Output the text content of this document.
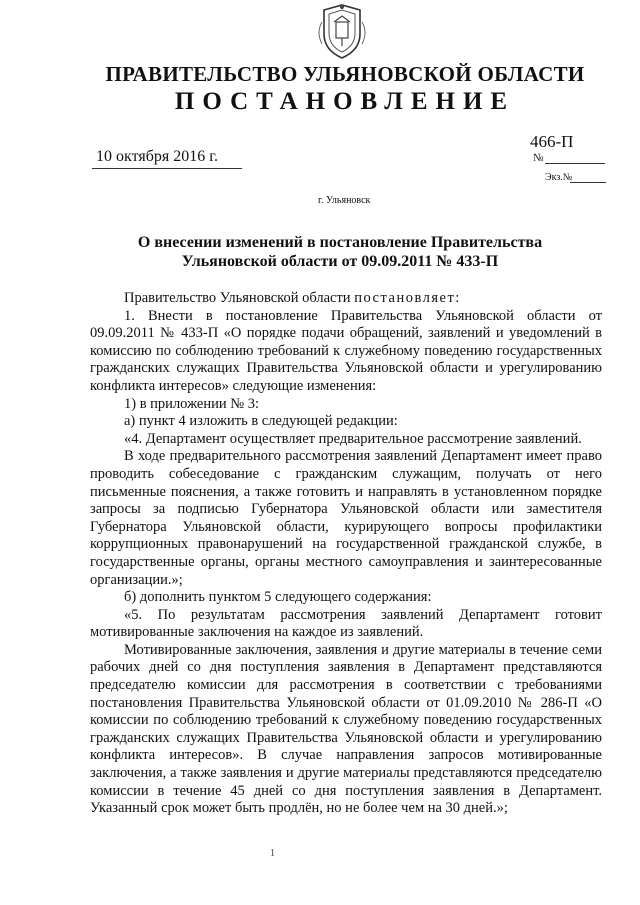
ПРАВИТЕЛЬСТВО УЛЬЯНОВСКОЙ ОБЛАСТИ
ПОСТАНОВЛЕНИЕ
10 октября 2016 г.
466-П
№
Экз.№
г. Ульяновск
О внесении изменений в постановление Правительства
Ульяновской области от 09.09.2011 № 433-П

Правительство Ульяновской области постановляет:

1. Внести в постановление Правительства Ульяновской области от 09.09.2011 № 433-П «О порядке подачи обращений, заявлений и уведомлений в комиссию по соблюдению требований к служебному поведению государственных гражданских служащих Правительства Ульяновской области и урегулированию конфликта интересов» следующие изменения:

1) в приложении № 3:

а) пункт 4 изложить в следующей редакции:

«4. Департамент осуществляет предварительное рассмотрение заявлений.

В ходе предварительного рассмотрения заявлений Департамент имеет право проводить собеседование с гражданским служащим, получать от него письменные пояснения, а также готовить и направлять в установленном порядке запросы за подписью Губернатора Ульяновской области или заместителя Губернатора Ульяновской области, курирующего вопросы профилактики коррупционных правонарушений на государственной гражданской службе, в государственные органы, органы местного самоуправления и заинтересованные организации.»;

б) дополнить пунктом 5 следующего содержания:

«5. По результатам рассмотрения заявлений Департамент готовит мотивированные заключения на каждое из заявлений.

Мотивированные заключения, заявления и другие материалы в течение семи рабочих дней со дня поступления заявления в Департамент представляются председателю комиссии для рассмотрения в соответствии с требованиями постановления Правительства Ульяновской области от 01.09.2010 № 286-П «О комиссии по соблюдению требований к служебному поведению государственных гражданских служащих Правительства Ульяновской области и урегулированию конфликта интересов». В случае направления запросов мотивированные заключения, а также заявления и другие материалы представляются председателю комиссии в течение 45 дней со дня поступления заявления в Департамент. Указанный срок может быть продлён, но не более чем на 30 дней.»;

1
